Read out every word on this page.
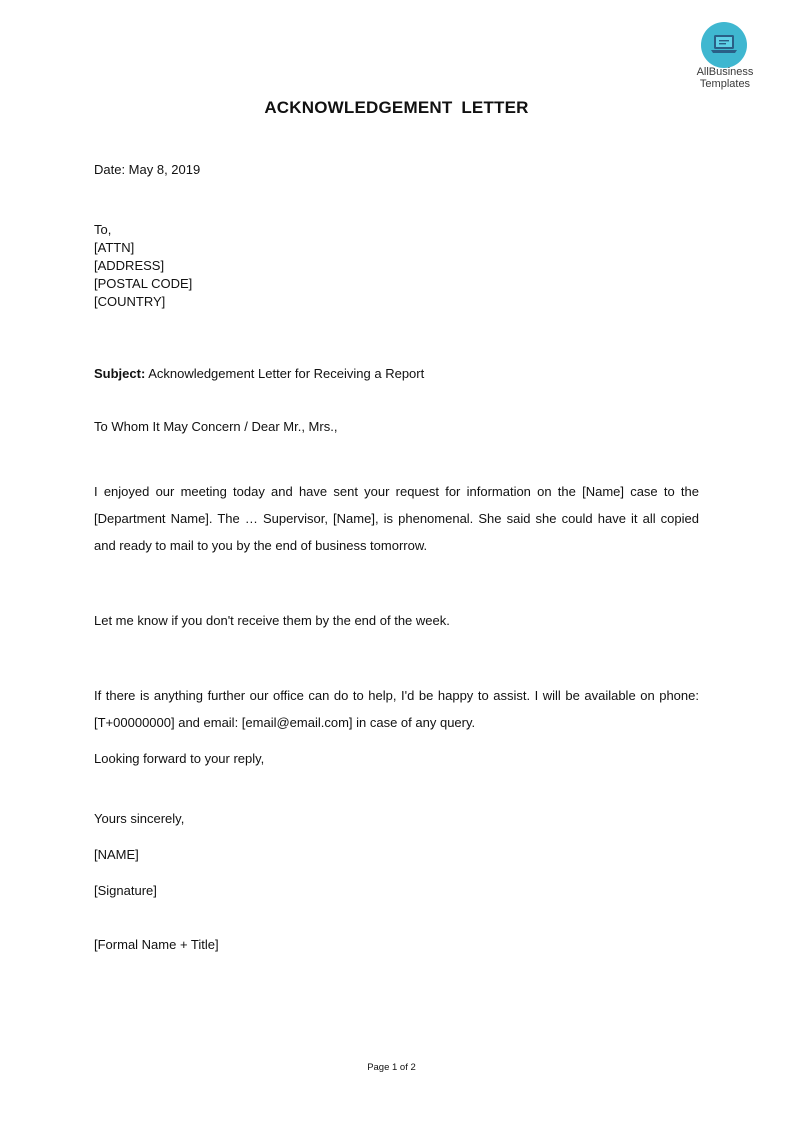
AllBusiness
Templates
ACKNOWLEDGEMENT LETTER
Date: May 8, 2019
To,
[ATTN]
[ADDRESS]
[POSTAL CODE]
[COUNTRY]
Subject: Acknowledgement Letter for Receiving a Report
To Whom It May Concern / Dear Mr., Mrs.,
I enjoyed our meeting today and have sent your request for information on the [Name] case to the [Department Name]. The … Supervisor, [Name], is phenomenal. She said she could have it all copied and ready to mail to you by the end of business tomorrow.
Let me know if you don't receive them by the end of the week.
If there is anything further our office can do to help, I'd be happy to assist. I will be available on phone: [T+00000000] and email: [email@email.com] in case of any query.
Looking forward to your reply,
Yours sincerely,
[NAME]
[Signature]
[Formal Name + Title]
Page 1 of 2
